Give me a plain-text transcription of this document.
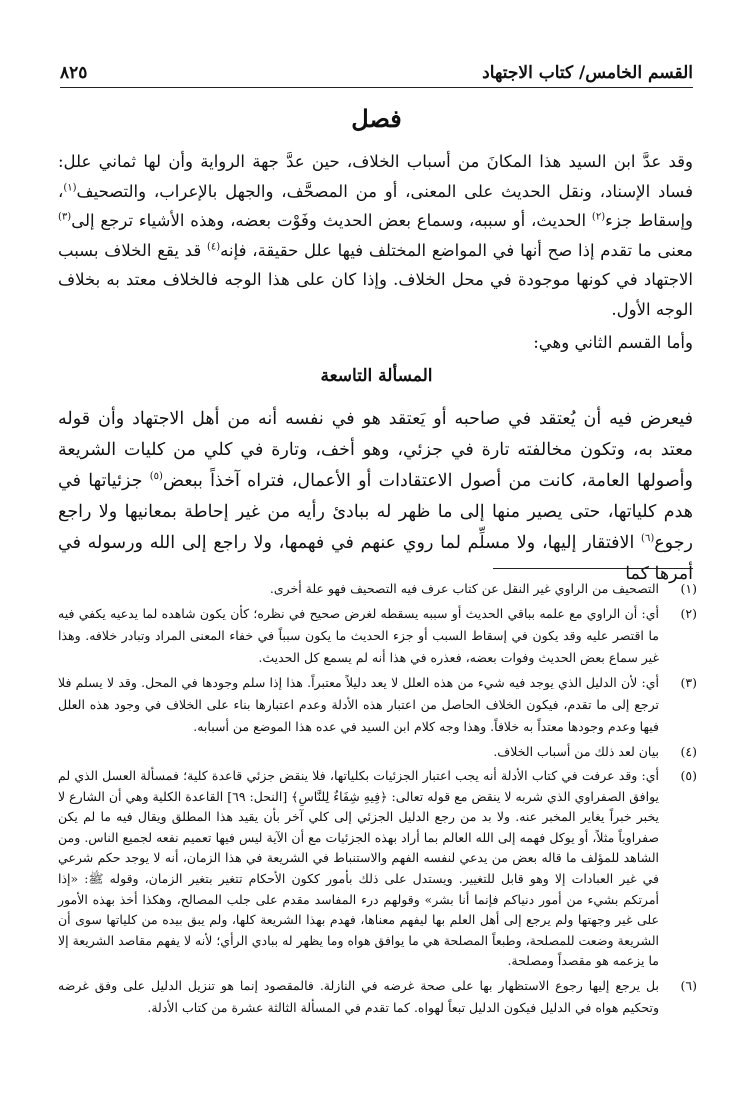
القسم الخامس/ كتاب الاجتهاد
٨٢٥
فصل

وقد عدَّ ابن السيد هذا المكانَ من أسباب الخلاف، حين عدَّ جهة الرواية وأن لها ثماني علل: فساد الإسناد، ونقل الحديث على المعنى، أو من المصحَّف، والجهل بالإعراب، والتصحيف$^{(١)}$، وإسقاط جزء$^{(٢)}$ الحديث، أو سببه، وسماع بعض الحديث وفَوْت بعضه، وهذه الأشياء ترجع إلى$^{(٣)}$ معنى ما تقدم إذا صح أنها في المواضع المختلف فيها علل حقيقة، فإنه$^{(٤)}$ قد يقع الخلاف بسبب الاجتهاد في كونها موجودة في محل الخلاف. وإذا كان على هذا الوجه فالخلاف معتد به بخلاف الوجه الأول.

وأما القسم الثاني وهي:

المسألة التاسعة

فيعرض فيه أن يُعتقد في صاحبه أو يَعتقد هو في نفسه أنه من أهل الاجتهاد وأن قوله معتد به، وتكون مخالفته تارة في جزئي، وهو أخف، وتارة في كلي من كليات الشريعة وأصولها العامة، كانت من أصول الاعتقادات أو الأعمال، فتراه آخذاً ببعض$^{(٥)}$ جزئياتها في هدم كلياتها، حتى يصير منها إلى ما ظهر له ببادئ رأيه من غير إحاطة بمعانيها ولا راجع رجوع$^{(٦)}$ الافتقار إليها، ولا مسلِّم لما روي عنهم في فهمها، ولا راجع إلى الله ورسوله في أمرها كما

(١)
التصحيف من الراوي غير النقل عن كتاب عرف فيه التصحيف فهو علة أخرى.
(٢)
أي: أن الراوي مع علمه بباقي الحديث أو سببه يسقطه لغرض صحيح في نظره؛ كأن يكون شاهده لما يدعيه يكفي فيه ما اقتصر عليه وقد يكون في إسقاط السبب أو جزء الحديث ما يكون سبباً في خفاء المعنى المراد وتبادر خلافه. وهذا غير سماع بعض الحديث وفوات بعضه، فعذره في هذا أنه لم يسمع كل الحديث.
(٣)
أي: لأن الدليل الذي يوجد فيه شيء من هذه العلل لا يعد دليلاً معتبراً. هذا إذا سلم وجودها في المحل. وقد لا يسلم فلا ترجع إلى ما تقدم، فيكون الخلاف الحاصل من اعتبار هذه الأدلة وعدم اعتبارها بناء على الخلاف في وجود هذه العلل فيها وعدم وجودها معتداً به خلافاً. وهذا وجه كلام ابن السيد في عده هذا الموضع من أسبابه.
(٤)
بيان لعد ذلك من أسباب الخلاف.
(٥)
أي: وقد عرفت في كتاب الأدلة أنه يجب اعتبار الجزئيات بكلياتها، فلا ينقض جزئي قاعدة كلية؛ فمسألة العسل الذي لم يوافق الصفراوي الذي شربه لا ينقض مع قوله تعالى: ﴿فِيهِ شِفَاءٌ لِلنَّاسِ﴾ [النحل: ٦٩] القاعدة الكلية وهي أن الشارع لا يخبر خبراً يغاير المخبر عنه. ولا بد من رجع الدليل الجزئي إلى كلي آخر بأن يقيد هذا المطلق ويقال فيه ما لم يكن صفراوياً مثلاً، أو يوكل فهمه إلى الله العالم بما أراد بهذه الجزئيات مع أن الآية ليس فيها تعميم نفعه لجميع الناس. ومن الشاهد للمؤلف ما قاله بعض من يدعي لنفسه الفهم والاستنباط في الشريعة في هذا الزمان، أنه لا يوجد حكم شرعي في غير العبادات إلا وهو قابل للتغيير. ويستدل على ذلك بأمور ككون الأحكام تتغير بتغير الزمان، وقوله ﷺ: «إذا أمرتكم بشيء من أمور دنياكم فإنما أنا بشر» وقولهم درء المفاسد مقدم على جلب المصالح، وهكذا أخذ بهذه الأمور على غير وجهتها ولم يرجع إلى أهل العلم بها ليفهم معناها، فهدم بهذا الشريعة كلها، ولم يبق بيده من كلياتها سوى أن الشريعة وضعت للمصلحة، وطبعاً المصلحة هي ما يوافق هواه وما يظهر له ببادي الرأي؛ لأنه لا يفهم مقاصد الشريعة إلا ما يزعمه هو مقصداً ومصلحة.
(٦)
بل يرجع إليها رجوع الاستظهار بها على صحة غرضه في النازلة. فالمقصود إنما هو تنزيل الدليل على وفق غرضه وتحكيم هواه في الدليل فيكون الدليل تبعاً لهواه. كما تقدم في المسألة الثالثة عشرة من كتاب الأدلة.
